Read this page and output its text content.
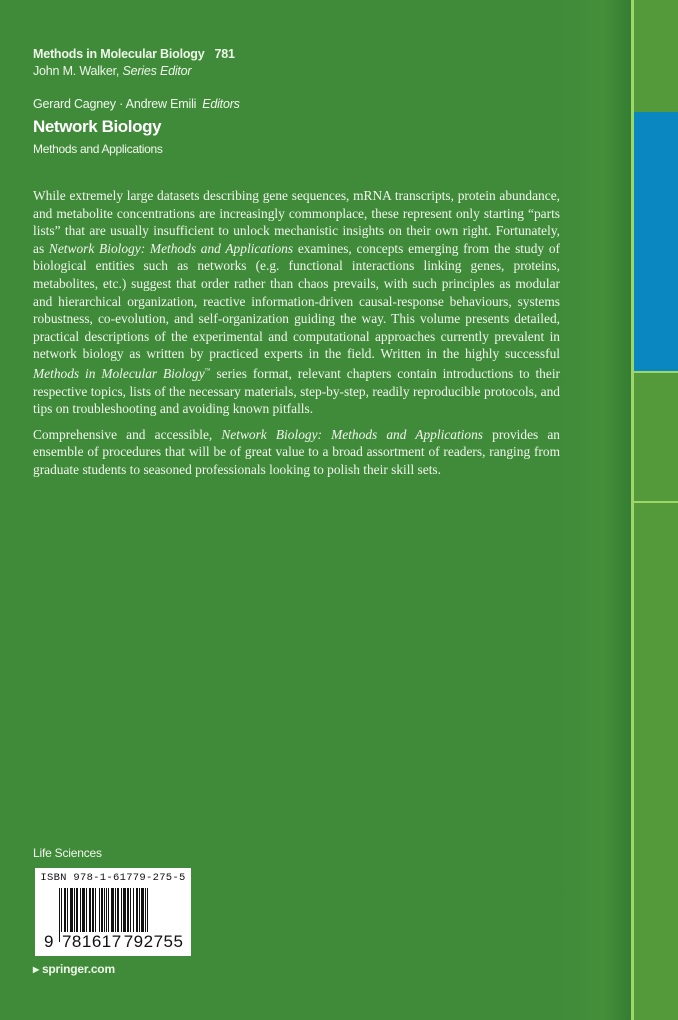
Methods in Molecular Biology 781
John M. Walker, Series Editor
Gerard Cagney · Andrew Emili Editors
Network Biology
Methods and Applications

While extremely large datasets describing gene sequences, mRNA transcripts, protein abundance, and metabolite concentrations are increasingly commonplace, these represent only starting “parts lists” that are usually insufficient to unlock mechanistic insights on their own right. Fortunately, as Network Biology: Methods and Applications examines, concepts emerging from the study of biological entities such as networks (e.g. functional interactions linking genes, proteins, metabolites, etc.) suggest that order rather than chaos prevails, with such principles as modular and hierarchical organization, reactive information-driven causal-response behaviours, systems robustness, co-evolution, and self-organization guiding the way. This volume presents detailed, practical descriptions of the experimental and computational approaches currently prevalent in network biology as written by practiced experts in the field. Written in the highly successful Methods in Molecular Biology™ series format, relevant chapters contain introductions to their respective topics, lists of the necessary materials, step-by-step, readily reproducible protocols, and tips on troubleshooting and avoiding known pitfalls.

Comprehensive and accessible, Network Biology: Methods and Applications provides an ensemble of procedures that will be of great value to a broad assortment of readers, ranging from graduate students to seasoned professionals looking to polish their skill sets.

Life Sciences
ISBN 978-1-61779-275-5
9 781617 792755
▶ springer.com
